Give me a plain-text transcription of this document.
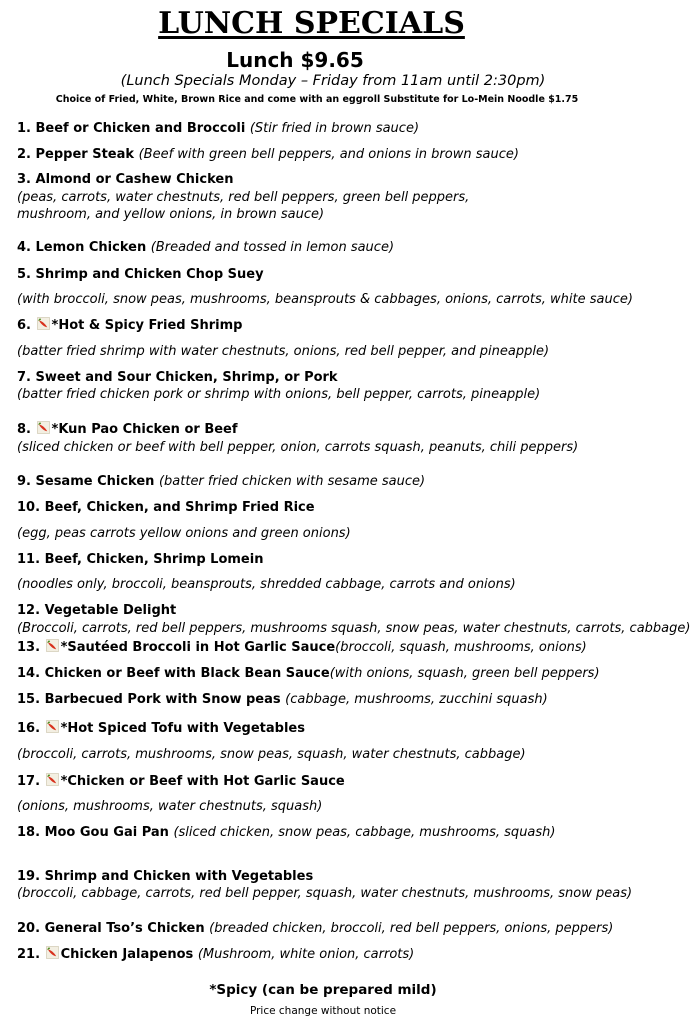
LUNCH SPECIALS
Lunch $9.65
(Lunch Specials Monday – Friday from 11am until 2:30pm)
Choice of Fried, White, Brown Rice and come with an eggroll Substitute for Lo-Mein Noodle $1.75
1. Beef or Chicken and Broccoli (Stir fried in brown sauce)
2. Pepper Steak (Beef with green bell peppers, and onions in brown sauce)
3. Almond or Cashew Chicken
(peas, carrots, water chestnuts, red bell peppers, green bell peppers,
mushroom, and yellow onions, in brown sauce)
4. Lemon Chicken (Breaded and tossed in lemon sauce)
5. Shrimp and Chicken Chop Suey
(with broccoli, snow peas, mushrooms, beansprouts & cabbages, onions, carrots, white sauce)
6. *Hot & Spicy Fried Shrimp
(batter fried shrimp with water chestnuts, onions, red bell pepper, and pineapple)
7. Sweet and Sour Chicken, Shrimp, or Pork
(batter fried chicken pork or shrimp with onions, bell pepper, carrots, pineapple)
8. *Kun Pao Chicken or Beef
(sliced chicken or beef with bell pepper, onion, carrots squash, peanuts, chili peppers)
9. Sesame Chicken (batter fried chicken with sesame sauce)
10. Beef, Chicken, and Shrimp Fried Rice
(egg, peas carrots yellow onions and green onions)
11. Beef, Chicken, Shrimp Lomein
(noodles only, broccoli, beansprouts, shredded cabbage, carrots and onions)
12. Vegetable Delight
(Broccoli, carrots, red bell peppers, mushrooms squash, snow peas, water chestnuts, carrots, cabbage)
13. *Sautéed Broccoli in Hot Garlic Sauce(broccoli, squash, mushrooms, onions)
14. Chicken or Beef with Black Bean Sauce(with onions, squash, green bell peppers)
15. Barbecued Pork with Snow peas (cabbage, mushrooms, zucchini squash)
16. *Hot Spiced Tofu with Vegetables
(broccoli, carrots, mushrooms, snow peas, squash, water chestnuts, cabbage)
17. *Chicken or Beef with Hot Garlic Sauce
(onions, mushrooms, water chestnuts, squash)
18. Moo Gou Gai Pan (sliced chicken, snow peas, cabbage, mushrooms, squash)
19. Shrimp and Chicken with Vegetables
(broccoli, cabbage, carrots, red bell pepper, squash, water chestnuts, mushrooms, snow peas)
20. General Tso’s Chicken (breaded chicken, broccoli, red bell peppers, onions, peppers)
21. Chicken Jalapenos (Mushroom, white onion, carrots)
*Spicy (can be prepared mild)
Price change without notice
